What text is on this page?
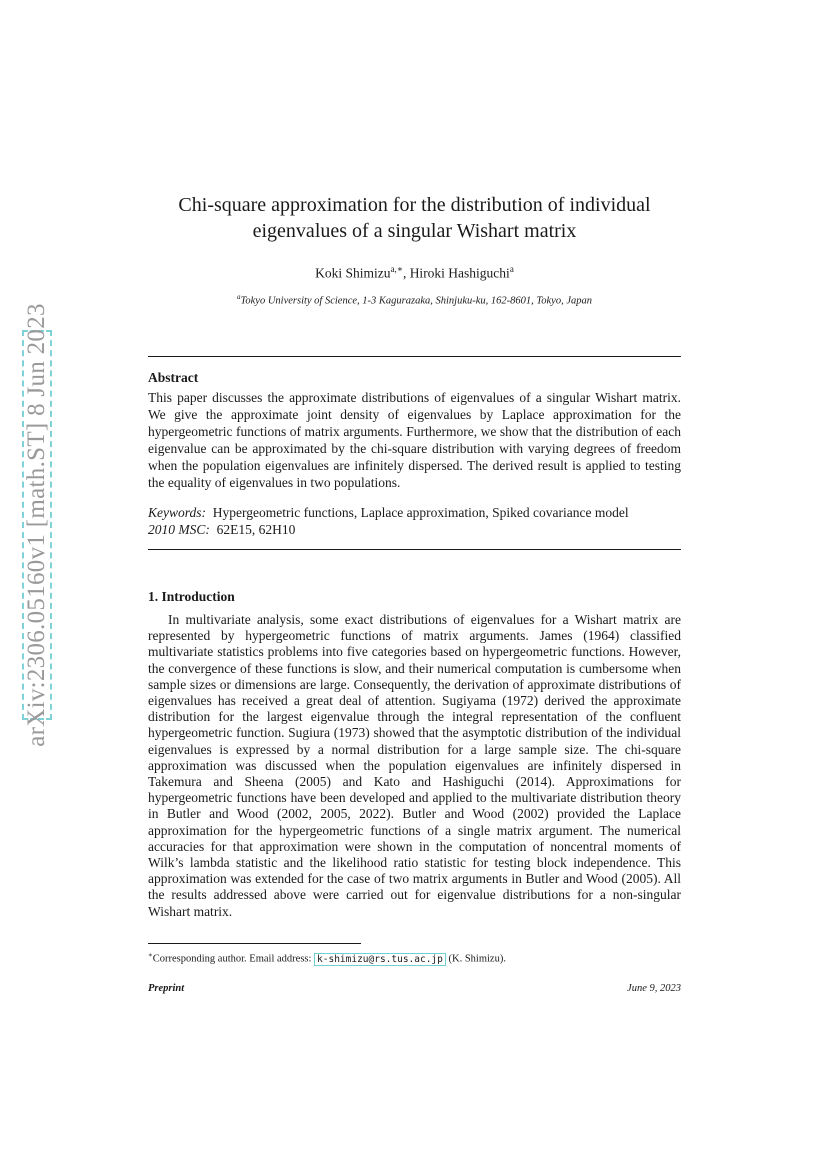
arXiv:2306.05160v1 [math.ST] 8 Jun 2023
Chi-square approximation for the distribution of individual eigenvalues of a singular Wishart matrix
Koki Shimizu$^{a,∗}$, Hiroki Hashiguchi$^a$
$^a$Tokyo University of Science, 1-3 Kagurazaka, Shinjuku-ku, 162-8601, Tokyo, Japan
Abstract
This paper discusses the approximate distributions of eigenvalues of a singular Wishart matrix. We give the approximate joint density of eigenvalues by Laplace approximation for the hypergeometric functions of matrix arguments. Furthermore, we show that the distribution of each eigenvalue can be approximated by the chi-square distribution with varying degrees of freedom when the population eigenvalues are infinitely dispersed. The derived result is applied to testing the equality of eigenvalues in two populations.
Keywords: Hypergeometric functions, Laplace approximation, Spiked covariance model
2010 MSC: 62E15, 62H10
1. Introduction
In multivariate analysis, some exact distributions of eigenvalues for a Wishart matrix are represented by hypergeometric functions of matrix arguments. James (1964) classified multivariate statistics problems into five categories based on hypergeometric functions. However, the convergence of these functions is slow, and their numerical computation is cumbersome when sample sizes or dimensions are large. Consequently, the derivation of approximate distributions of eigenvalues has received a great deal of attention. Sugiyama (1972) derived the approximate distribution for the largest eigenvalue through the integral representation of the confluent hypergeometric function. Sugiura (1973) showed that the asymptotic distribution of the individual eigenvalues is expressed by a normal distribution for a large sample size. The chi-square approximation was discussed when the population eigenvalues are infinitely dispersed in Takemura and Sheena (2005) and Kato and Hashiguchi (2014). Approximations for hypergeometric functions have been developed and applied to the multivariate distribution theory in Butler and Wood (2002, 2005, 2022). Butler and Wood (2002) provided the Laplace approximation for the hypergeometric functions of a single matrix argument. The numerical accuracies for that approximation were shown in the computation of noncentral moments of Wilk’s lambda statistic and the likelihood ratio statistic for testing block independence. This approximation was extended for the case of two matrix arguments in Butler and Wood (2005). All the results addressed above were carried out for eigenvalue distributions for a non-singular Wishart matrix.
∗Corresponding author. Email address: k-shimizu@rs.tus.ac.jp (K. Shimizu).
Preprint	June 9, 2023
